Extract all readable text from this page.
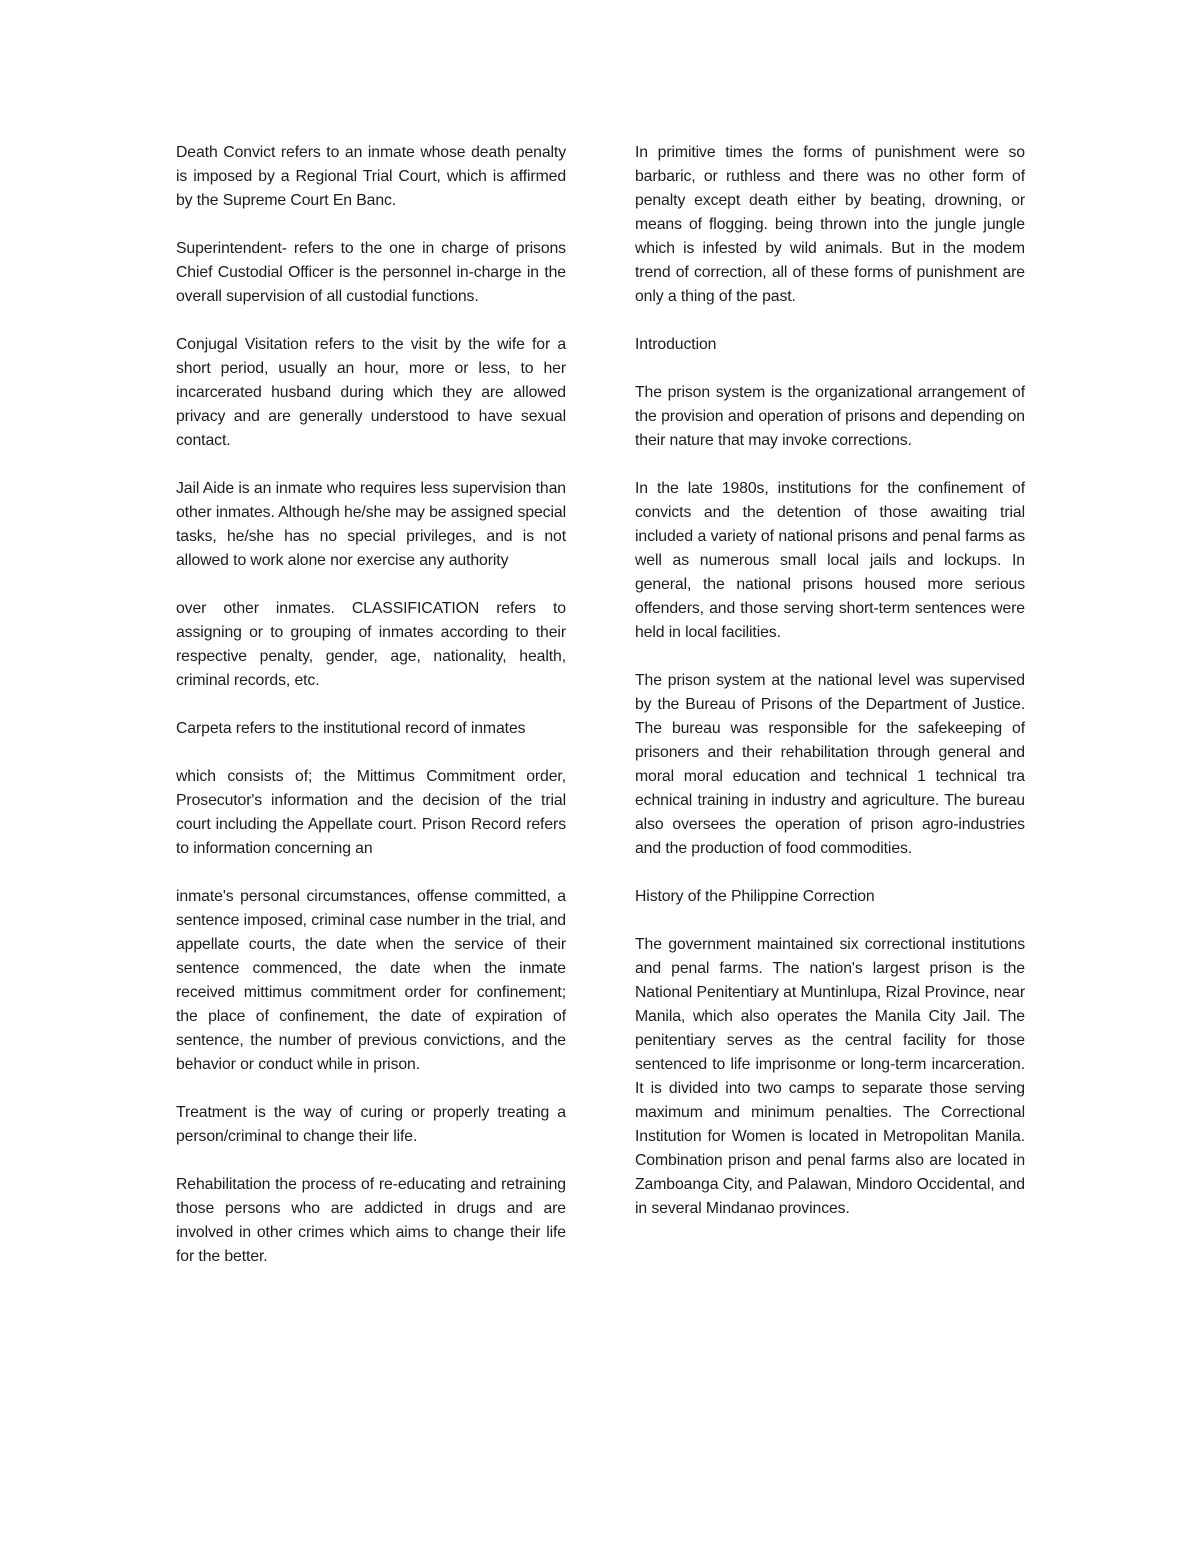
Death Convict refers to an inmate whose death penalty is imposed by a Regional Trial Court, which is affirmed by the Supreme Court En Banc.

Superintendent- refers to the one in charge of prisons Chief Custodial Officer is the personnel in-charge in the overall supervision of all custodial functions.

Conjugal Visitation refers to the visit by the wife for a short period, usually an hour, more or less, to her incarcerated husband during which they are allowed privacy and are generally understood to have sexual contact.

Jail Aide is an inmate who requires less supervision than other inmates. Although he/she may be assigned special tasks, he/she has no special privileges, and is not allowed to work alone nor exercise any authority

over other inmates. CLASSIFICATION refers to assigning or to grouping of inmates according to their respective penalty, gender, age, nationality, health, criminal records, etc.

Carpeta refers to the institutional record of inmates

which consists of; the Mittimus Commitment order, Prosecutor's information and the decision of the trial court including the Appellate court. Prison Record refers to information concerning an

inmate's personal circumstances, offense committed, a sentence imposed, criminal case number in the trial, and appellate courts, the date when the service of their sentence commenced, the date when the inmate received mittimus commitment order for confinement; the place of confinement, the date of expiration of sentence, the number of previous convictions, and the behavior or conduct while in prison.

Treatment is the way of curing or properly treating a person/criminal to change their life.

Rehabilitation the process of re-educating and retraining those persons who are addicted in drugs and are involved in other crimes which aims to change their life for the better.

In primitive times the forms of punishment were so barbaric, or ruthless and there was no other form of penalty except death either by beating, drowning, or means of flogging. being thrown into the jungle jungle which is infested by wild animals. But in the modem trend of correction, all of these forms of punishment are only a thing of the past.

Introduction

The prison system is the organizational arrangement of the provision and operation of prisons and depending on their nature that may invoke corrections.

In the late 1980s, institutions for the confinement of convicts and the detention of those awaiting trial included a variety of national prisons and penal farms as well as numerous small local jails and lockups. In general, the national prisons housed more serious offenders, and those serving short-term sentences were held in local facilities.

The prison system at the national level was supervised by the Bureau of Prisons of the Department of Justice. The bureau was responsible for the safekeeping of prisoners and their rehabilitation through general and moral moral education and technical 1 technical tra echnical training in industry and agriculture. The bureau also oversees the operation of prison agro-industries and the production of food commodities.

History of the Philippine Correction

The government maintained six correctional institutions and penal farms. The nation's largest prison is the National Penitentiary at Muntinlupa, Rizal Province, near Manila, which also operates the Manila City Jail. The penitentiary serves as the central facility for those sentenced to life imprisonme or long-term incarceration. It is divided into two camps to separate those serving maximum and minimum penalties. The Correctional Institution for Women is located in Metropolitan Manila. Combination prison and penal farms also are located in Zamboanga City, and Palawan, Mindoro Occidental, and in several Mindanao provinces.
